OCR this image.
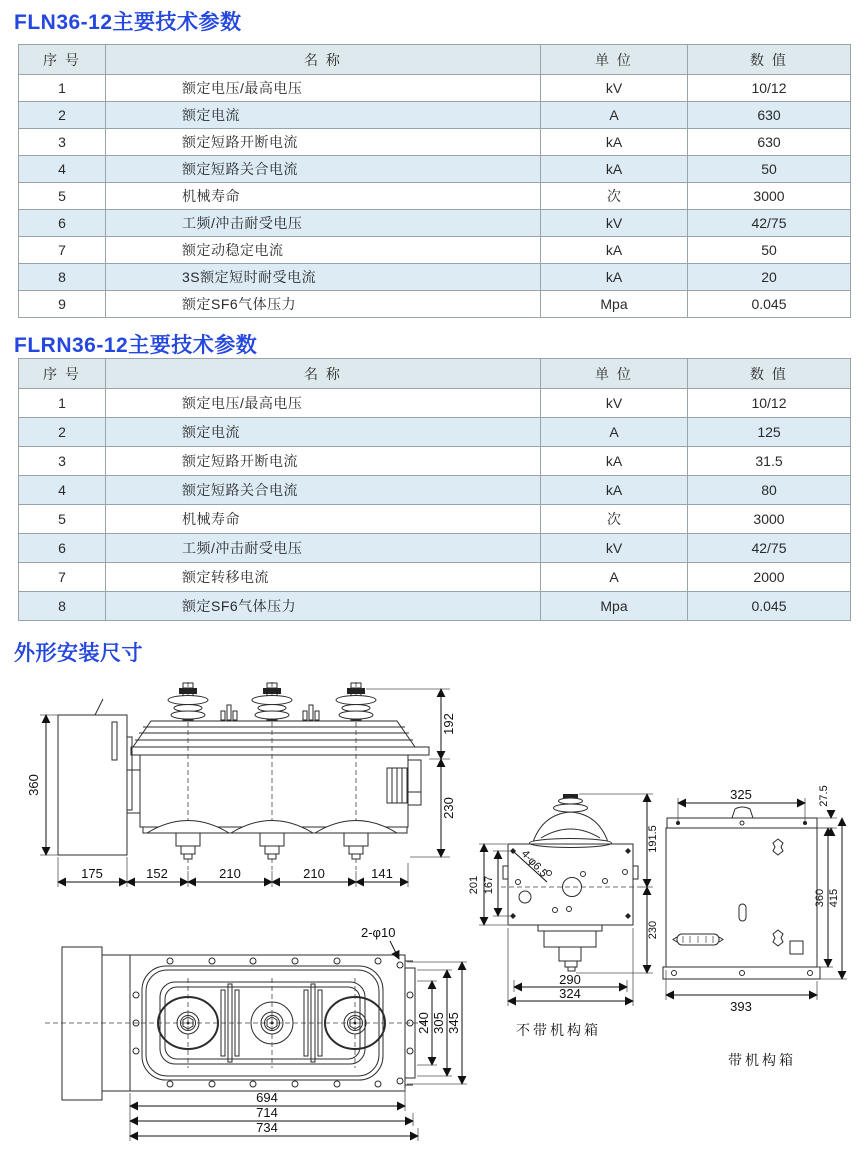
FLN36-12主要技术参数
FLRN36-12主要技术参数
外形安装尺寸
序 号	名 称	单 位	数 值
1	额定电压/最高电压	kV	10/12
2	额定电流	A	630
3	额定短路开断电流	kA	630
4	额定短路关合电流	kA	50
5	机械寿命	次	3000
6	工频/冲击耐受电压	kV	42/75
7	额定动稳定电流	kA	50
8	3S额定短时耐受电流	kA	20
9	额定SF6气体压力	Mpa	0.045
序 号	名 称	单 位	数 值
1	额定电压/最高电压	kV	10/12
2	额定电流	A	125
3	额定短路开断电流	kA	31.5
4	额定短路关合电流	kA	80
5	机械寿命	次	3000
6	工频/冲击耐受电压	kV	42/75
7	额定转移电流	A	2000
8	额定SF6气体压力	Mpa	0.045
360
192
230
175	152	210	210	141	4-φ6.5
201 167
191.5
230
290
324
不带机构箱
325	27.5
360 415
393
带机构箱
2-φ10
240 305 345
694
714
734
